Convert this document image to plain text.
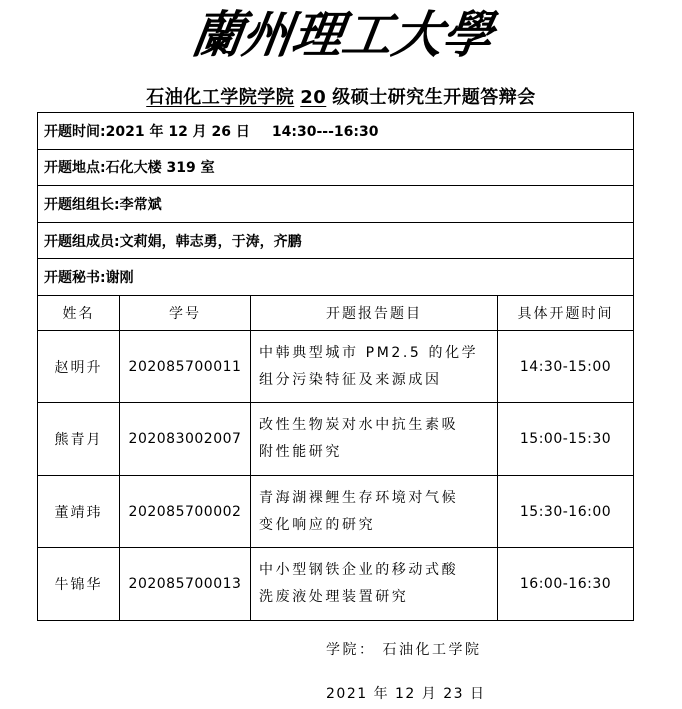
蘭州理工大學
石油化工学院学院 20 级硕士研究生开题答辩会
开题时间:2021 年 12 月 26 日 14:30---16:30			
开题地点:石化大楼 319 室			
开题组组长:李常斌			
开题组成员:文莉娟，韩志勇，于涛，齐鹏			
开题秘书:谢刚			
姓名	学号	开题报告题目	具体开题时间
赵明升	202085700011	中韩典型城市 PM2.5 的化学
组分污染特征及来源成因	14:30-15:00
熊青月	202083002007	改性生物炭对水中抗生素吸
附性能研究	15:00-15:30
董靖玮	202085700002	青海湖裸鲤生存环境对气候
变化响应的研究	15:30-16:00
牛锦华	202085700013	中小型钢铁企业的移动式酸
洗废液处理装置研究	16:00-16:30
学院： 石油化工学院
2021 年 12 月 23 日
